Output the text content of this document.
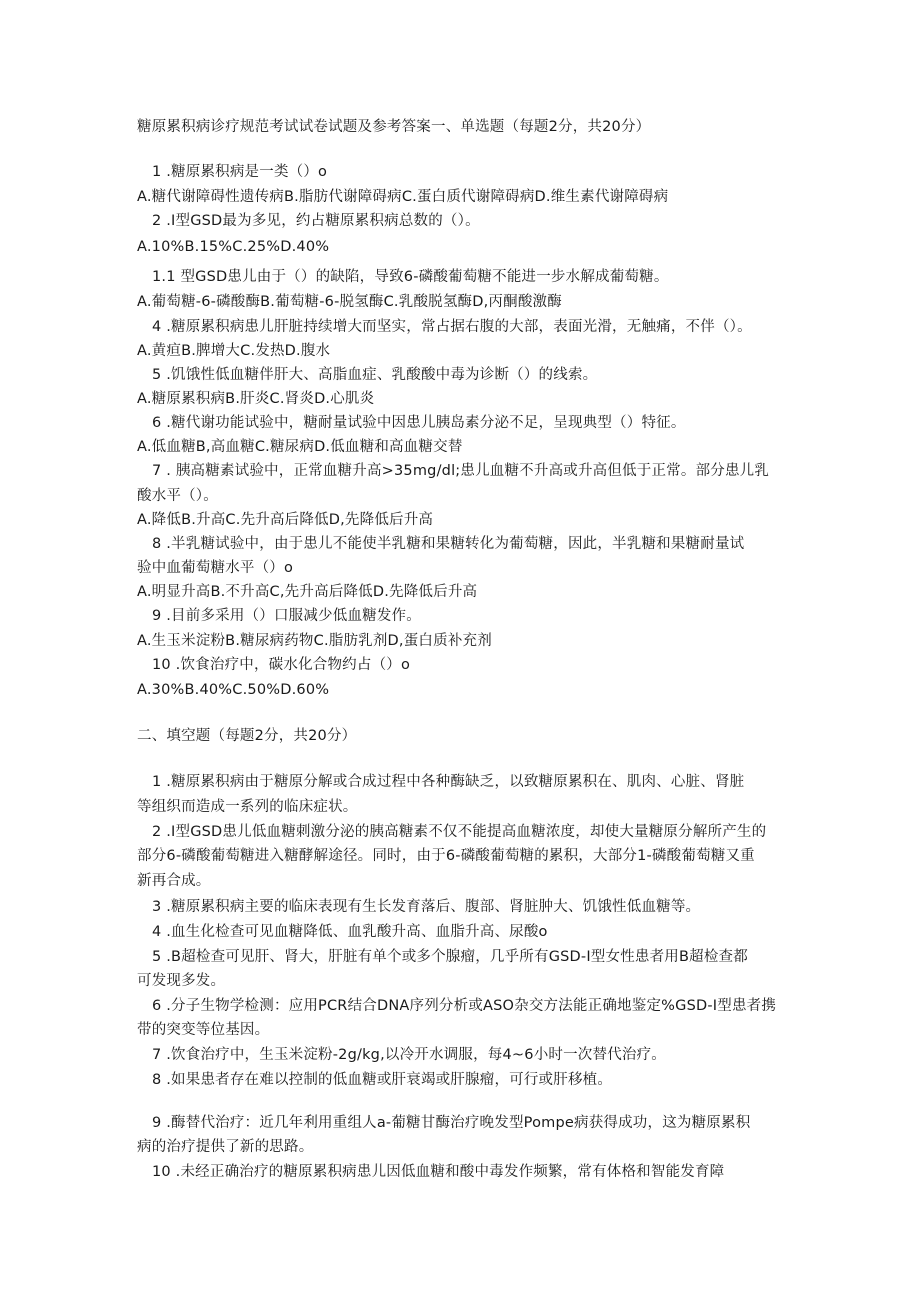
糖原累积病诊疗规范考试试卷试题及参考答案一、单选题（每题2分，共20分）
1 .糖原累积病是一类（）o
A.糖代谢障碍性遗传病B.脂肪代谢障碍病C.蛋白质代谢障碍病D.维生素代谢障碍病
2 .I型GSD最为多见，约占糖原累积病总数的（）。
A.10%B.15%C.25%D.40%
1.1 型GSD患儿由于（）的缺陷，导致6-磷酸葡萄糖不能进一步水解成葡萄糖。
A.葡萄糖-6-磷酸酶B.葡萄糖-6-脱氢酶C.乳酸脱氢酶D,丙酮酸激酶
4 .糖原累积病患儿肝脏持续增大而坚实，常占据右腹的大部，表面光滑，无触痛，不伴（）。
A.黄疸B.脾增大C.发热D.腹水
5 .饥饿性低血糖伴肝大、高脂血症、乳酸酸中毒为诊断（）的线索。
A.糖原累积病B.肝炎C.肾炎D.心肌炎
6 .糖代谢功能试验中，糖耐量试验中因患儿胰岛素分泌不足，呈现典型（）特征。
A.低血糖B,高血糖C.糖尿病D.低血糖和高血糖交替
7 . 胰高糖素试验中，正常血糖升高>35mg∕dl;患儿血糖不升高或升高但低于正常。部分患儿乳
酸水平（）。
A.降低B.升高C.先升高后降低D,先降低后升高
8 .半乳糖试验中，由于患儿不能使半乳糖和果糖转化为葡萄糖，因此，半乳糖和果糖耐量试
验中血葡萄糖水平（）o
A.明显升高B.不升高C,先升高后降低D.先降低后升高
9 .目前多采用（）口服减少低血糖发作。
A.生玉米淀粉B.糖尿病药物C.脂肪乳剂D,蛋白质补充剂
10 .饮食治疗中，碳水化合物约占（）o
A.30%B.40%C.50%D.60%
二、填空题（每题2分，共20分）
1 .糖原累积病由于糖原分解或合成过程中各种酶缺乏，以致糖原累积在、肌肉、心脏、肾脏
等组织而造成一系列的临床症状。
2 .I型GSD患儿低血糖刺激分泌的胰高糖素不仅不能提高血糖浓度，却使大量糖原分解所产生的
部分6-磷酸葡萄糖进入糖酵解途径。同时，由于6-磷酸葡萄糖的累积，大部分1-磷酸葡萄糖又重
新再合成。
3 .糖原累积病主要的临床表现有生长发育落后、腹部、肾脏肿大、饥饿性低血糖等。
4 .血生化检查可见血糖降低、血乳酸升高、血脂升高、尿酸o
5 .B超检查可见肝、肾大，肝脏有单个或多个腺瘤，几乎所有GSD-I型女性患者用B超检查都
可发现多发。
6 .分子生物学检测：应用PCR结合DNA序列分析或ASO杂交方法能正确地鉴定%GSD-I型患者携
带的突变等位基因。
7 .饮食治疗中，生玉米淀粉-2g∕kg,以冷开水调服，每4~6小时一次替代治疗。
8 .如果患者存在难以控制的低血糖或肝衰竭或肝腺瘤，可行或肝移植。
9 .酶替代治疗：近几年利用重组人a-葡糖甘酶治疗晚发型Pompe病获得成功，这为糖原累积
病的治疗提供了新的思路。
10 .未经正确治疗的糖原累积病患儿因低血糖和酸中毒发作频繁，常有体格和智能发育障
